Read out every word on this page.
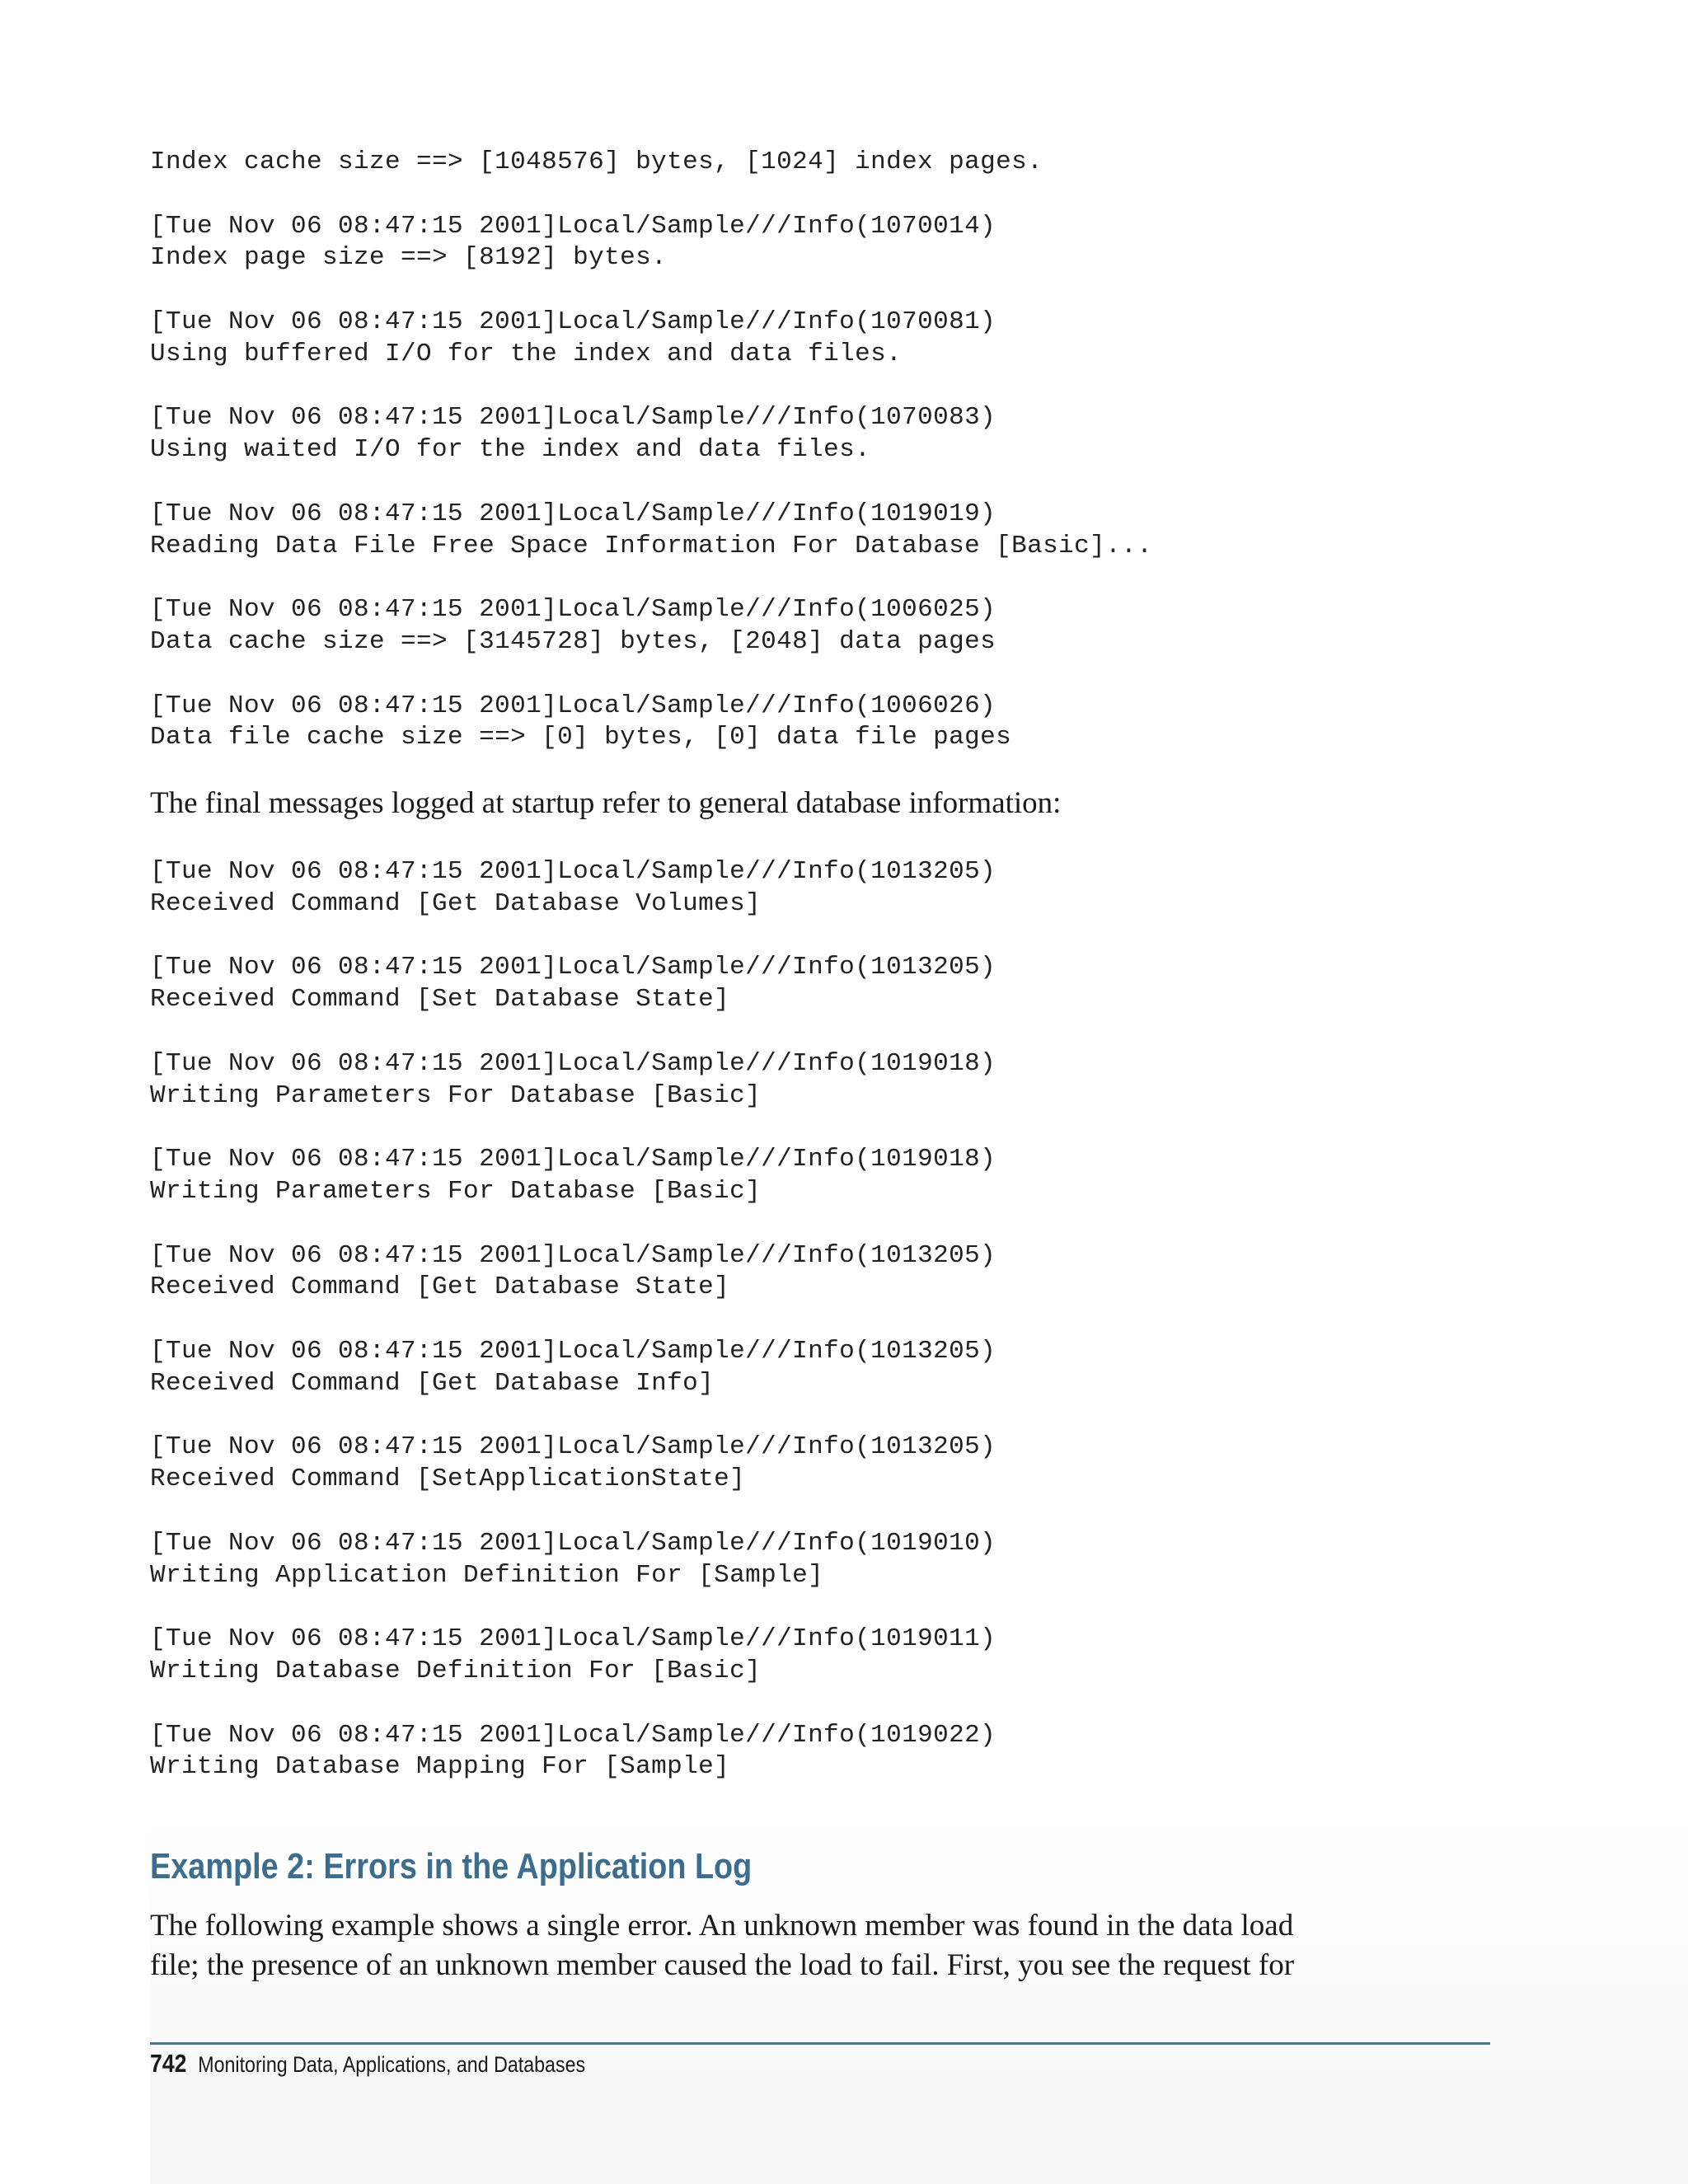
Index cache size ==> [1048576] bytes, [1024] index pages.

[Tue Nov 06 08:47:15 2001]Local/Sample///Info(1070014)
Index page size ==> [8192] bytes.

[Tue Nov 06 08:47:15 2001]Local/Sample///Info(1070081)
Using buffered I/O for the index and data files.

[Tue Nov 06 08:47:15 2001]Local/Sample///Info(1070083)
Using waited I/O for the index and data files.

[Tue Nov 06 08:47:15 2001]Local/Sample///Info(1019019)
Reading Data File Free Space Information For Database [Basic]...

[Tue Nov 06 08:47:15 2001]Local/Sample///Info(1006025)
Data cache size ==> [3145728] bytes, [2048] data pages

[Tue Nov 06 08:47:15 2001]Local/Sample///Info(1006026)
Data file cache size ==> [0] bytes, [0] data file pages

The final messages logged at startup refer to general database information:

[Tue Nov 06 08:47:15 2001]Local/Sample///Info(1013205)
Received Command [Get Database Volumes]

[Tue Nov 06 08:47:15 2001]Local/Sample///Info(1013205)
Received Command [Set Database State]

[Tue Nov 06 08:47:15 2001]Local/Sample///Info(1019018)
Writing Parameters For Database [Basic]

[Tue Nov 06 08:47:15 2001]Local/Sample///Info(1019018)
Writing Parameters For Database [Basic]

[Tue Nov 06 08:47:15 2001]Local/Sample///Info(1013205)
Received Command [Get Database State]

[Tue Nov 06 08:47:15 2001]Local/Sample///Info(1013205)
Received Command [Get Database Info]

[Tue Nov 06 08:47:15 2001]Local/Sample///Info(1013205)
Received Command [SetApplicationState]

[Tue Nov 06 08:47:15 2001]Local/Sample///Info(1019010)
Writing Application Definition For [Sample]

[Tue Nov 06 08:47:15 2001]Local/Sample///Info(1019011)
Writing Database Definition For [Basic]

[Tue Nov 06 08:47:15 2001]Local/Sample///Info(1019022)
Writing Database Mapping For [Sample]
Example 2: Errors in the Application Log

The following example shows a single error. An unknown member was found in the data load file; the presence of an unknown member caused the load to fail. First, you see the request for

742 Monitoring Data, Applications, and Databases
